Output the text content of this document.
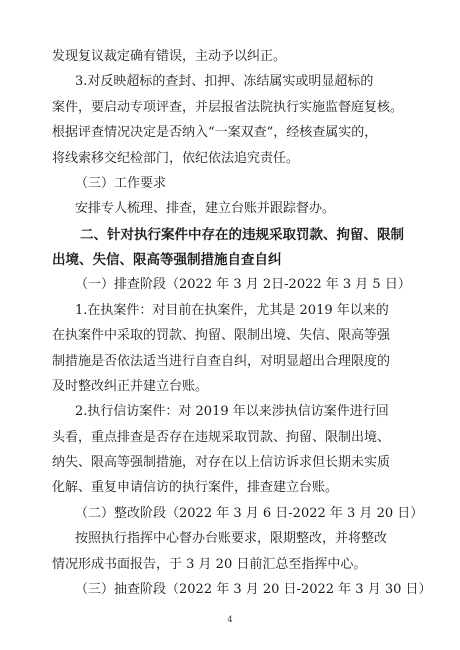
发现复议裁定确有错误，主动予以纠正。
3.对反映超标的查封、扣押、冻结属实或明显超标的
案件，要启动专项评查，并层报省法院执行实施监督庭复核。
根据评查情况决定是否纳入“一案双查”，经核查属实的，
将线索移交纪检部门，依纪依法追究责任。
（三）工作要求
安排专人梳理、排查，建立台账并跟踪督办。
二、针对执行案件中存在的违规采取罚款、拘留、限制
出境、失信、限高等强制措施自查自纠
（一）排查阶段（2022 年 3 月 2日-2022 年 3 月 5 日）
1.在执案件：对目前在执案件，尤其是 2019 年以来的
在执案件中采取的罚款、拘留、限制出境、失信、限高等强
制措施是否依法适当进行自查自纠，对明显超出合理限度的
及时整改纠正并建立台账。
2.执行信访案件：对 2019 年以来涉执信访案件进行回
头看，重点排查是否存在违规采取罚款、拘留、限制出境、
纳失、限高等强制措施，对存在以上信访诉求但长期未实质
化解、重复申请信访的执行案件，排查建立台账。
（二）整改阶段（2022 年 3 月 6 日-2022 年 3 月 20 日）
按照执行指挥中心督办台账要求，限期整改，并将整改
情况形成书面报告，于 3 月 20 日前汇总至指挥中心。
（三）抽查阶段（2022 年 3 月 20 日-2022 年 3 月 30 日）
4
